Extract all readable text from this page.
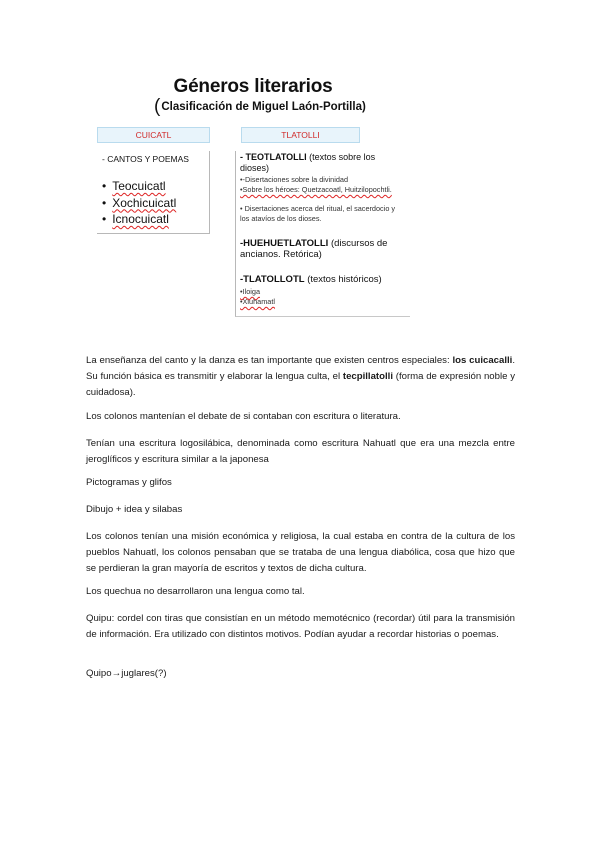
Géneros literarios
(Clasificación de Miguel Laón-Portilla)
CUICATL	TLATOLLI
- CANTOS Y POEMAS
• Teocuicatl
• Xochicuicatl
• Icnocuicatl

- TEOTLATOLLI (textos sobre los dioses)

•-Disertaciones sobre la divinidad

•Sobre los héroes: Quetzacoatl, Huitzilopochtli.

• Disertaciones acerca del ritual, el sacerdocio y los atavíos de los dioses.

-HUEHUETLATOLLI (discursos de ancianos. Retórica)

-TLATOLLOTL (textos históricos)

•Iloiga

•Xiuhamatl

La enseñanza del canto y la danza es tan importante que existen centros especiales: los cuicacalli. Su función básica es transmitir y elaborar la lengua culta, el tecpillatolli (forma de expresión noble y cuidadosa).

Los colonos mantenían el debate de si contaban con escritura o literatura.

Tenían una escritura logosilábica, denominada como escritura Nahuatl que era una mezcla entre jeroglíficos y escritura similar a la japonesa

Pictogramas y glifos

Dibujo + idea y silabas

Los colonos tenían una misión económica y religiosa, la cual estaba en contra de la cultura de los pueblos Nahuatl, los colonos pensaban que se trataba de una lengua diabólica, cosa que hizo que se perdieran la gran mayoría de escritos y textos de dicha cultura.

Los quechua no desarrollaron una lengua como tal.

Quipu: cordel con tiras que consistían en un método memotécnico (recordar) útil para la transmisión de información. Era utilizado con distintos motivos. Podían ayudar a recordar historias o poemas.

Quipo→juglares(?)
